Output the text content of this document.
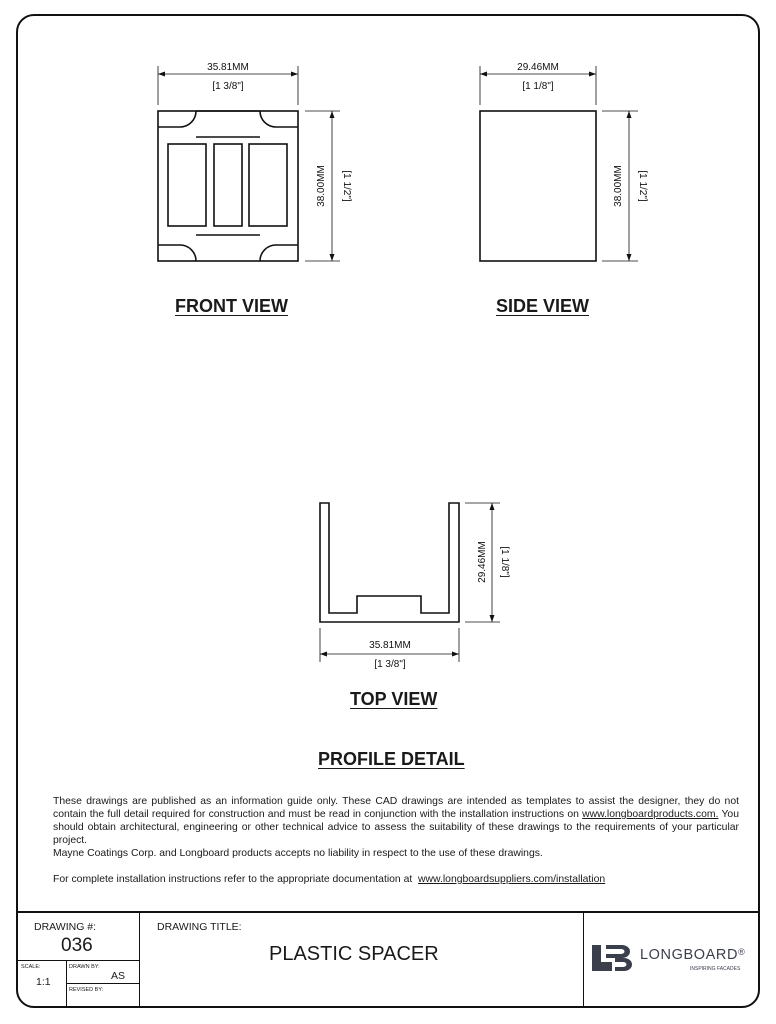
35.81MM
[1 3/8"]
38.00MM [1 1/2"]
29.46MM
[1 1/8"]
38.00MM [1 1/2"]
29.46MM [1 1/8"]
35.81MM
[1 3/8"]
FRONT VIEW	SIDE VIEW
TOP VIEW
PROFILE DETAIL

These drawings are published as an information guide only. These CAD drawings are intended as templates to assist the designer, they do not contain the full detail required for construction and must be read in conjunction with the installation instructions on www.longboardproducts.com. You should obtain architectural, engineering or other technical advice to assess the suitability of these drawings to the requirements of your particular project.

Mayne Coatings Corp. and Longboard products accepts no liability in respect to the use of these drawings.

For complete installation instructions refer to the appropriate documentation at www.longboardsuppliers.com/installation

DRAWING #:
036
SCALE:
1:1
DRAWN BY:
AS
REVISED BY:
DRAWING TITLE:
PLASTIC SPACER	LONGBOARD®
INSPIRING FACADES
